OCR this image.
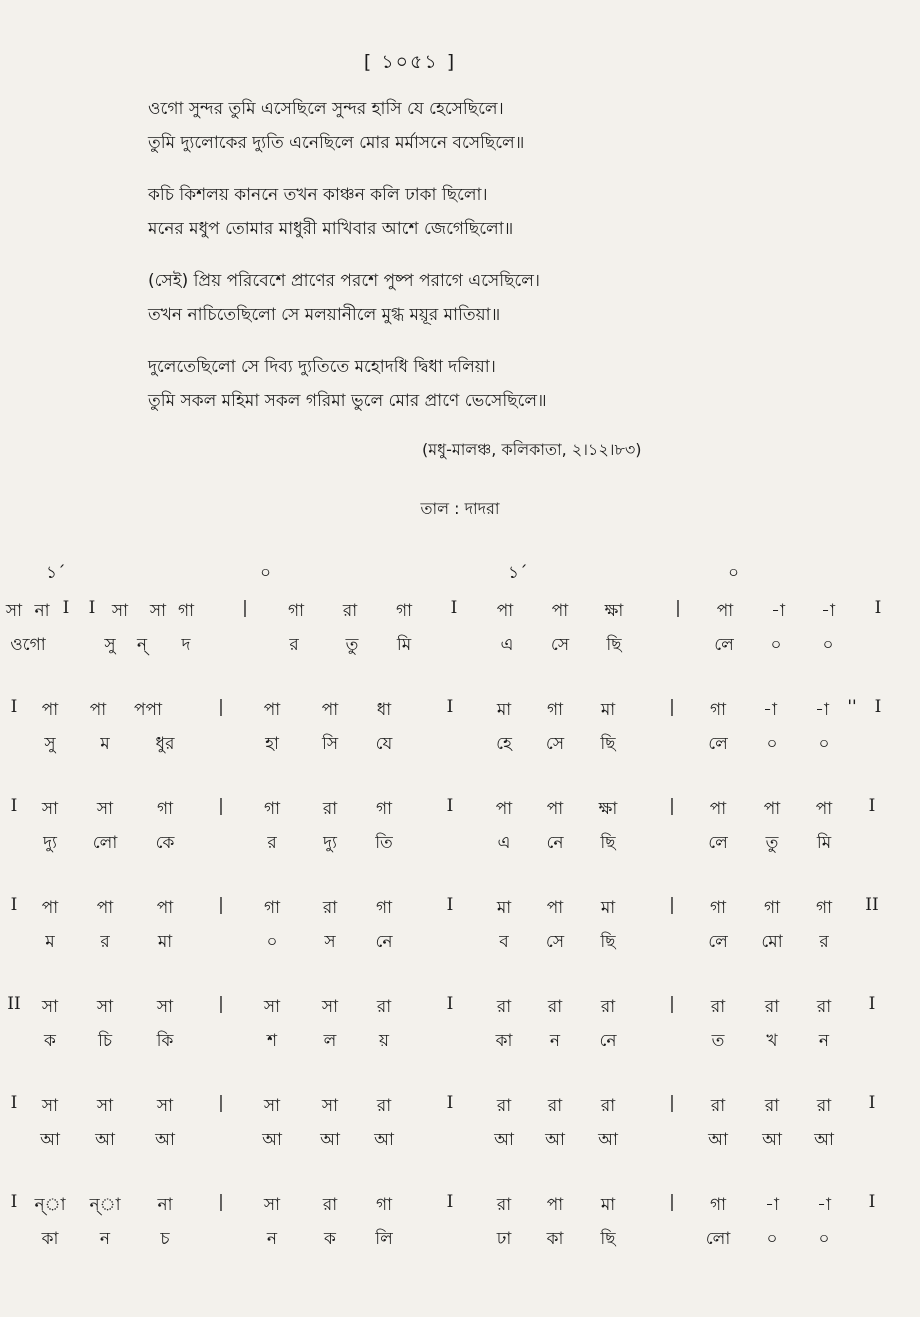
[ ১০৫১ ]
ওগো সুন্দর তুমি এসেছিলে সুন্দর হাসি যে হেসেছিলে।
তুমি দ্যুলোকের দ্যুতি এনেছিলে মোর মর্মাসনে বসেছিলে॥
কচি কিশলয় কাননে তখন কাঞ্চন কলি ঢাকা ছিলো।
মনের মধুপ তোমার মাধুরী মাখিবার আশে জেগেছিলো॥
(সেই) প্রিয় পরিবেশে প্রাণের পরশে পুষ্প পরাগে এসেছিলে।
তখন নাচিতেছিলো সে মলয়ানীলে মুগ্ধ ময়ূর মাতিয়া॥
দুলেতেছিলো সে দিব্য দ্যুতিতে মহোদধি দ্বিধা দলিয়া।
তুমি সকল মহিমা সকল গরিমা ভুলে মোর প্রাণে ভেসেছিলে॥
(মধু-মালঞ্চ, কলিকাতা, ২।১২।৮৩)
তাল : দাদরা
১´	০	১´	০
সা না I I সা সা গা	| গা রা গা I পা পা ক্ষা	| পা -া -া I
ওগো	সু ন্ দ	র	তু মি	এ সে ছি	লে ০ ০
I পা পা পপা	| পা পা ধা	I	মা গা মা	| গা -া -া '' I
সু	ম	ধুর	হা	সি যে	হে সে ছি	লে ০ ০
I সা সা	গা	| গা	রা গা	I পা পা ক্ষা	| পা পা পা I
দ্যু লো কে	র	দ্যু তি	এ নে ছি	লে তু মি
I পা পা	পা	| গা	রা গা	I	মা পা মা	| গা গা গা II
ম	র	মা	০	স নে	ব সে ছি	লে মো র
II সা সা	সা	| সা সা রা	I	রা রা রা	| রা রা রা I
ক চি	কি	শ	ল	য়	কা ন নে	ত খ ন
I সা সা	সা	| সা সা রা	I	রা রা রা	| রা রা রা I
আ আ আ	আ আ আ	আ আ আ	আ আ আ
I ন্া ন্া না	| সা	রা গা	I	রা পা মা	| গা -া -া I
কা ন	চ	ন	ক লি	ঢা কা ছি	লো ০ ০
